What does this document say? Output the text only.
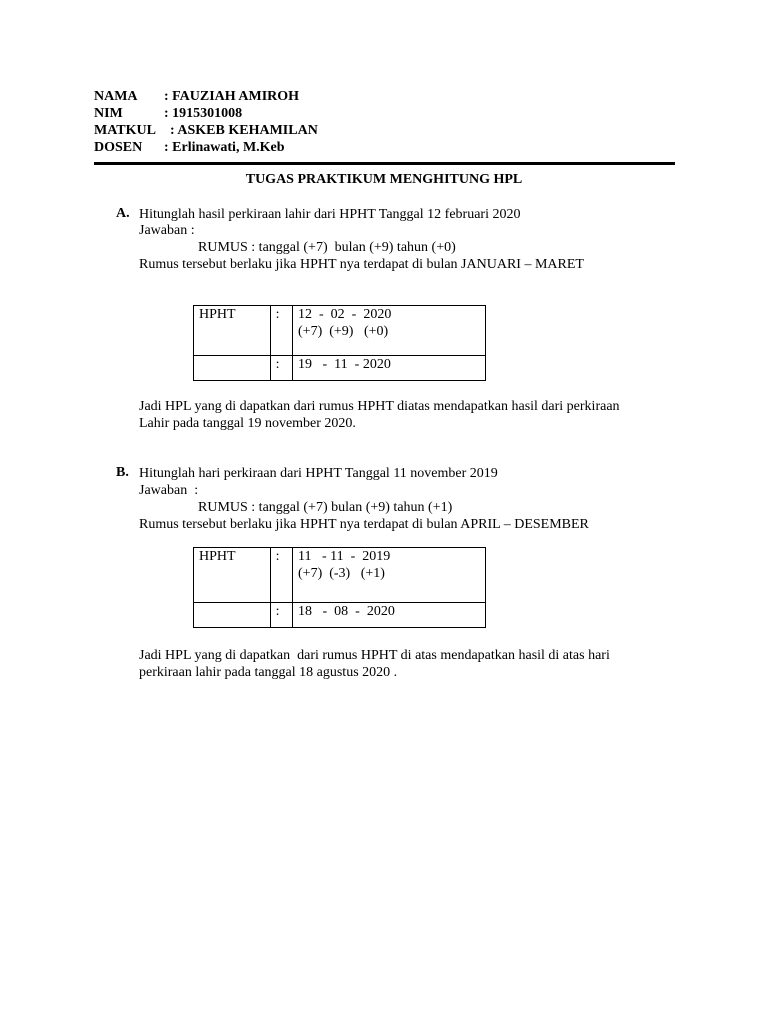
NAMA : FAUZIAH AMIROH
NIM	: 1915301008
MATKUL : ASKEB KEHAMILAN
DOSEN : Erlinawati, M.Keb
TUGAS PRAKTIKUM MENGHITUNG HPL
A. Hitunglah hasil perkiraan lahir dari HPHT Tanggal 12 februari 2020
Jawaban :
RUMUS : tanggal (+7)  bulan (+9) tahun (+0)
Rumus tersebut berlaku jika HPHT nya terdapat di bulan JANUARI – MARET
HPHT	:	12  -  02  -  2020
(+7)  (+9)   (+0)

	:	19   -  11  - 2020
Jadi HPL yang di dapatkan dari rumus HPHT diatas mendapatkan hasil dari perkiraan
Lahir pada tanggal 19 november 2020.
B. Hitunglah hari perkiraan dari HPHT Tanggal 11 november 2019
Jawaban  :
RUMUS : tanggal (+7) bulan (+9) tahun (+1)
Rumus tersebut berlaku jika HPHT nya terdapat di bulan APRIL – DESEMBER
HPHT	:	11   - 11  -  2019
(+7)  (-3)   (+1)

	:	18   -  08  -  2020
Jadi HPL yang di dapatkan  dari rumus HPHT di atas mendapatkan hasil di atas hari
perkiraan lahir pada tanggal 18 agustus 2020 .
